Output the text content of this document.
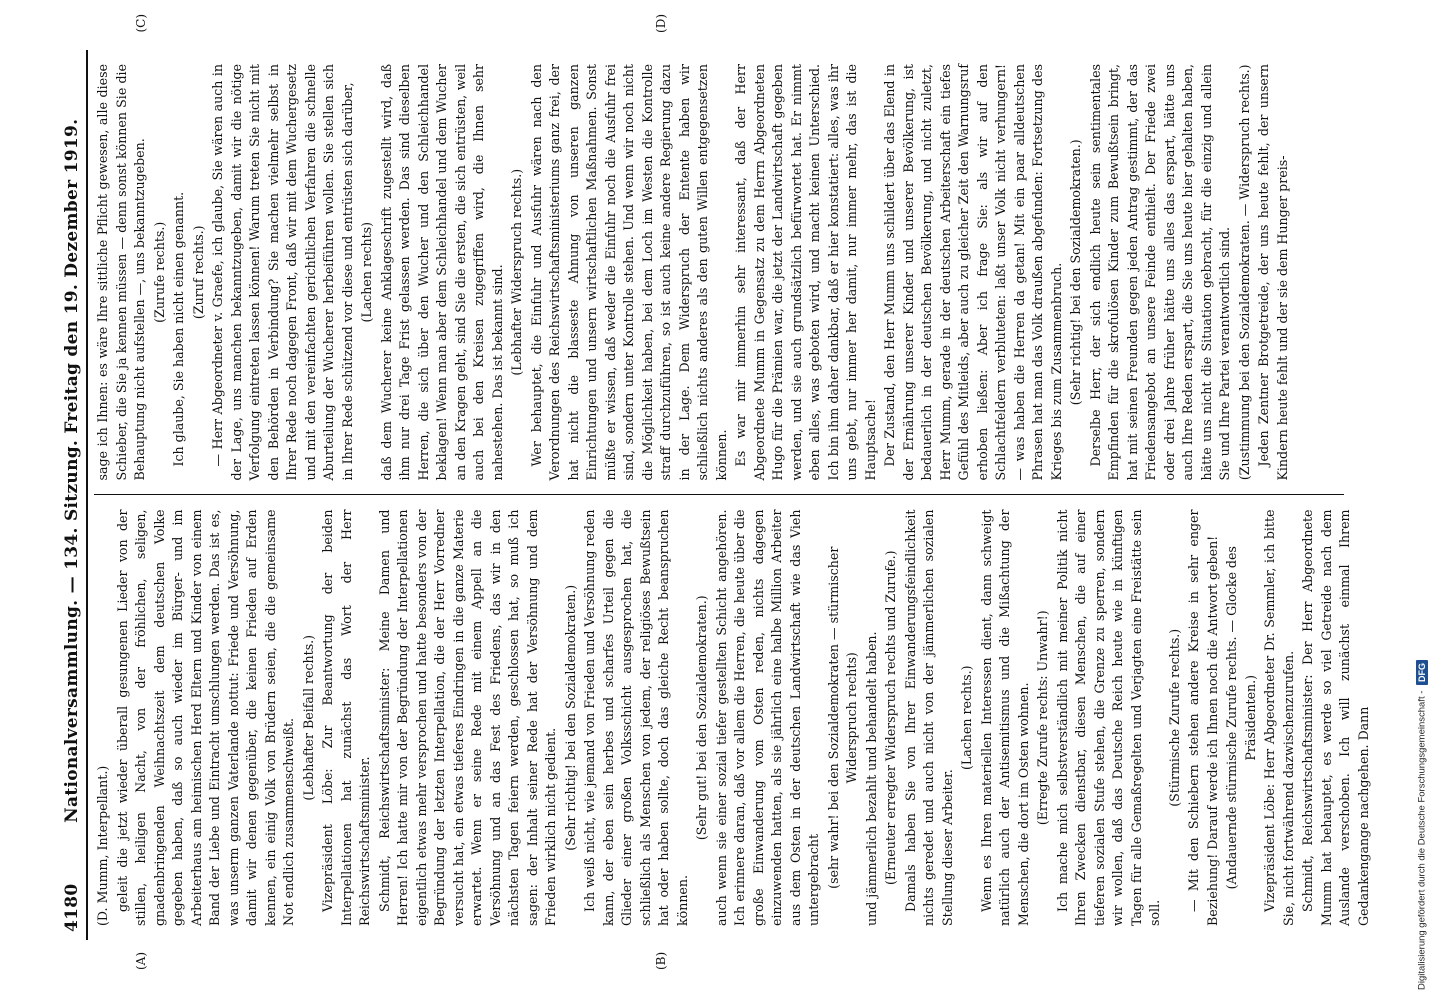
4180
Nationalversammlung. — 134. Sitzung. Freitag den 19. Dezember 1919.
(A)	(B)
(C)	(D)

(D. Mumm, Interpellant.) geleit die jetzt wieder überall gesungenen Lieder von der stillen, heiligen Nacht, von der fröhlichen, seligen, gnadenbringenden Weihnachtszeit dem deutschen Volke gegeben haben, daß so auch wieder im Bürger- und im Arbeiterhaus am heimischen Herd Eltern und Kinder von einem Band der Liebe und Eintracht umschlungen werden. Das ist es, was unserm ganzen Vaterlande nottut: Friede und Versöhnung, damit wir denen gegenüber, die keinen Frieden auf Erden kennen, ein einig Volk von Brüdern seien, die die gemeinsame Not endlich zusammenschweißt.

(Lebhafter Beifall rechts.) Vizepräsident Löbe: Zur Beantwortung der beiden Interpellationen hat zunächst das Wort der Herr Reichswirtschaftsminister. Schmidt, Reichswirtschaftsminister: Meine Damen und Herren! Ich hatte mir von der Begründung der Interpellationen eigentlich etwas mehr versprochen und hatte besonders von der Begründung der letzten Interpellation, die der Herr Vorredner versucht hat, ein etwas tieferes Eindringen in die ganze Materie erwartet. Wenn er seine Rede mit einem Appell an die Versöhnung und an das Fest des Friedens, das wir in den nächsten Tagen feiern werden, geschlossen hat, so muß ich sagen: der Inhalt seiner Rede hat der Versöhnung und dem Frieden wirklich nicht gedient. (Sehr richtig! bei den Sozialdemokraten.) Ich weiß nicht, wie jemand von Frieden und Versöhnung reden kann, der eben sein herbes und scharfes Urteil gegen die Glieder einer großen Volksschicht ausgesprochen hat, die schließlich als Menschen von jedem, der religiöses Bewußtsein hat oder haben sollte, doch das gleiche Recht beanspruchen können.

(Sehr gut! bei den Sozialdemokraten.) auch wenn sie einer sozial tiefer gestellten Schicht angehören. Ich erinnere daran, daß vor allem die Herren, die heute über die große Einwanderung vom Osten reden, nichts dagegen einzuwenden hatten, als sie jährlich eine halbe Million Arbeiter aus dem Osten in der deutschen Landwirtschaft wie das Vieh untergebracht (sehr wahr! bei den Sozialdemokraten — stürmischer Widerspruch rechts) und jämmerlich bezahlt und behandelt haben. (Erneuter erregter Widerspruch rechts und Zurufe.) Damals haben Sie von Ihrer Einwanderungsfeindlichkeit nichts geredet und auch nicht von der jämmerlichen sozialen Stellung dieser Arbeiter.

(Lachen rechts.) Wenn es Ihren materiellen Interessen dient, dann schweigt natürlich auch der Antisemitismus und die Mißachtung der Menschen, die dort im Osten wohnen. (Erregte Zurufe rechts: Unwahr!) Ich mache mich selbstverständlich mit meiner Politik nicht Ihren Zwecken dienstbar, diesen Menschen, die auf einer tieferen sozialen Stufe stehen, die Grenze zu sperren, sondern wir wollen, daß das Deutsche Reich heute wie in künftigen Tagen für alle Gemaßregelten und Verjagten eine Freistätte sein soll.

(Stürmische Zurufe rechts.) — Mit den Schiebern stehen andere Kreise in sehr enger Beziehung! Darauf werde ich Ihnen noch die Antwort geben! (Andauernde stürmische Zurufe rechts. — Glocke des Präsidenten.) Vizepräsident Löbe: Herr Abgeordneter Dr. Semmler, ich bitte Sie, nicht fortwährend dazwischenzurufen. Schmidt, Reichswirtschaftsminister: Der Herr Abgeordnete Mumm hat behauptet, es werde so viel Getreide nach dem Auslande verschoben. Ich will zunächst einmal Ihrem Gedankengange nachgehen. Dann

sage ich Ihnen: es wäre Ihre sittliche Pflicht gewesen, alle diese Schieber, die Sie ja kennen müssen — denn sonst können Sie die Behauptung nicht aufstellen —, uns bekanntzugeben. (Zurufe rechts.) Ich glaube, Sie haben nicht einen genannt. (Zuruf rechts.) — Herr Abgeordneter v. Graefe, ich glaube, Sie wären auch in der Lage, uns manchen bekanntzugeben, damit wir die nötige Verfolgung eintreten lassen können! Warum treten Sie nicht mit den Behörden in Verbindung? Sie machen vielmehr selbst in Ihrer Rede noch dagegen Front, daß wir mit dem Wuchergesetz und mit den vereinfachten gerichtlichen Verfahren die schnelle Aburteilung der Wucherer herbeiführen wollen. Sie stellen sich in Ihrer Rede schützend vor diese und entrüsten sich darüber, (Lachen rechts) daß dem Wucherer keine Anklageschrift zugestellt wird, daß ihm nur drei Tage Frist gelassen werden. Das sind dieselben Herren, die sich über den Wucher und den Schleichhandel beklagen! Wenn man aber dem Schleichhandel und dem Wucher an den Kragen geht, sind Sie die ersten, die sich entrüsten, weil auch bei den Kreisen zugegriffen wird, die Ihnen sehr nahestehen. Das ist bekannt sind. (Lebhafter Widerspruch rechts.) Wer behauptet, die Einfuhr und Ausfuhr wären nach den Verordnungen des Reichswirtschaftsministeriums ganz frei, der hat nicht die blasseste Ahnung von unseren ganzen Einrichtungen und unsern wirtschaftlichen Maßnahmen. Sonst müßte er wissen, daß weder die Einfuhr noch die Ausfuhr frei sind, sondern unter Kontrolle stehen. Und wenn wir noch nicht die Möglichkeit haben, bei dem Loch im Westen die Kontrolle straff durchzuführen, so ist auch keine andere Regierung dazu in der Lage. Dem Widerspruch der Entente haben wir schließlich nichts anderes als den guten Willen entgegensetzen können. Es war mir immerhin sehr interessant, daß der Herr Abgeordnete Mumm in Gegensatz zu dem Herrn Abgeordneten Hugo für die Prämien war, die jetzt der Landwirtschaft gegeben werden, und sie auch grundsätzlich befürwortet hat. Er nimmt eben alles, was geboten wird, und macht keinen Unterschied. Ich bin ihm daher dankbar, daß er hier konstatiert: alles, was ihr uns gebt, nur immer her damit, nur immer mehr, das ist die Hauptsache! Der Zustand, den Herr Mumm uns schildert über das Elend in der Ernährung unserer Kinder und unserer Bevölkerung, ist bedauerlich in der deutschen Bevölkerung, und nicht zuletzt, Herr Mumm, gerade in der deutschen Arbeiterschaft ein tiefes Gefühl des Mitleids, aber auch zu gleicher Zeit den Warnungsruf erhoben ließen: Aber ich frage Sie: als wir auf den Schlachtfeldern verbluteten: laßt unser Volk nicht verhungern! — was haben die Herren da getan! Mit ein paar alldeutschen Phrasen hat man das Volk draußen abgefunden: Fortsetzung des Krieges bis zum Zusammenbruch. (Sehr richtig! bei den Sozialdemokraten.) Derselbe Herr, der sich endlich heute sein sentimentales Empfinden für die skrofulösen Kinder zum Bewußtsein bringt, hat mit seinen Freunden gegen jeden Antrag gestimmt, der das Friedensangebot an unsere Feinde enthielt. Der Friede zwei oder drei Jahre früher hätte uns alles das erspart, hätte uns auch Ihre Reden erspart, die Sie uns heute hier gehalten haben, hätte uns nicht die Situation gebracht, für die einzig und allein Sie und Ihre Partei verantwortlich sind. (Zustimmung bei den Sozialdemokraten. — Widerspruch rechts.) Jeden Zentner Brotgetreide, der uns heute fehlt, der unsern Kindern heute fehlt und der sie dem Hunger preis-

Digitalisierung gefördert durch die Deutsche Forschungsgemeinschaft -
DFG
